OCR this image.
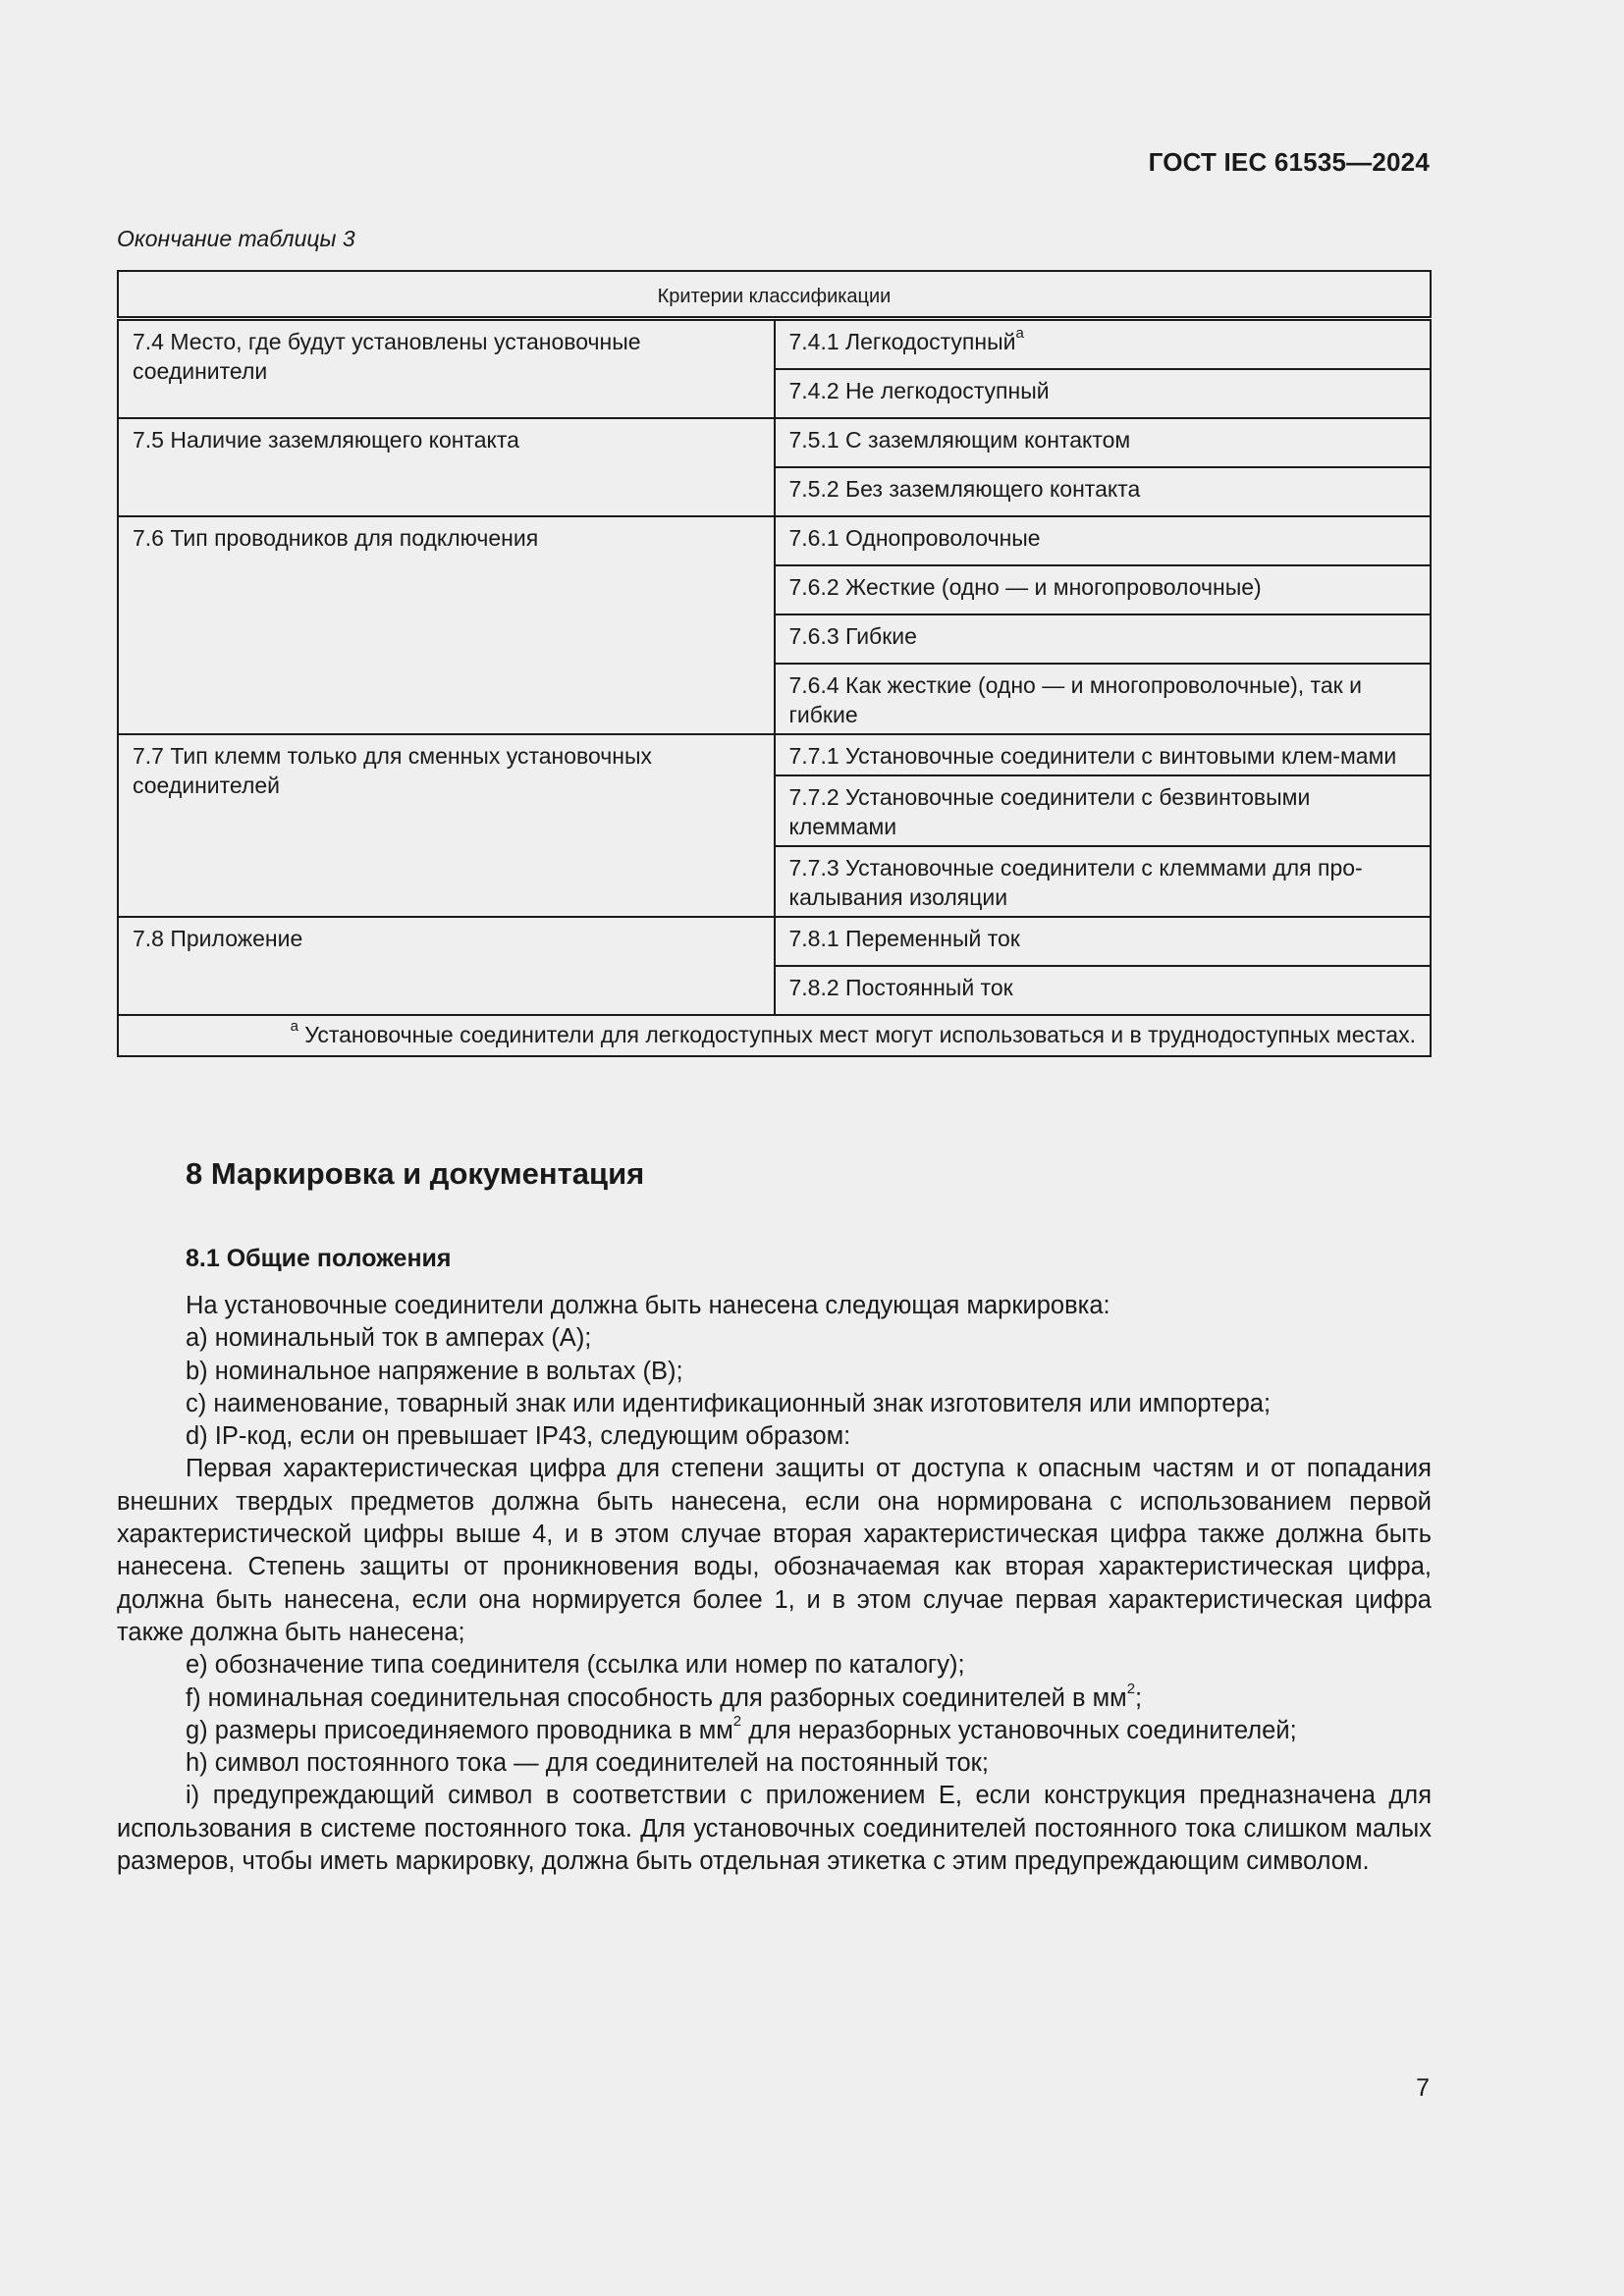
ГОСТ IEC 61535—2024
Окончание таблицы 3
Критерии классификации	
7.4 Место, где будут установлены установочные соединители	7.4.1 Легкодоступный$^а$
	7.4.2 Не легкодоступный
7.5 Наличие заземляющего контакта	7.5.1 С заземляющим контактом
	7.5.2 Без заземляющего контакта
7.6 Тип проводников для подключения	7.6.1 Однопроволочные
	7.6.2 Жесткие (одно — и многопроволочные)
	7.6.3 Гибкие
	7.6.4 Как жесткие (одно — и многопроволочные), так и гибкие
7.7 Тип клемм только для сменных установочных соединителей	7.7.1 Установочные соединители с винтовыми клем-мами
	7.7.2 Установочные соединители с безвинтовыми клеммами
	7.7.3 Установочные соединители с клеммами для про-калывания изоляции
7.8 Приложение	7.8.1 Переменный ток
	7.8.2 Постоянный ток
$^а$ Установочные соединители для легкодоступных мест могут использоваться и в труднодоступных местах.	
8 Маркировка и документация
8.1 Общие положения

На установочные соединители должна быть нанесена следующая маркировка:

a) номинальный ток в амперах (А);

b) номинальное напряжение в вольтах (В);

c) наименование, товарный знак или идентификационный знак изготовителя или импортера;

d) IP-код, если он превышает IP43, следующим образом:

Первая характеристическая цифра для степени защиты от доступа к опасным частям и от попадания внешних твердых предметов должна быть нанесена, если она нормирована с использованием первой характеристической цифры выше 4, и в этом случае вторая характеристическая цифра также должна быть нанесена. Степень защиты от проникновения воды, обозначаемая как вторая характеристическая цифра, должна быть нанесена, если она нормируется более 1, и в этом случае первая характеристическая цифра также должна быть нанесена;

e) обозначение типа соединителя (ссылка или номер по каталогу);

f) номинальная соединительная способность для разборных соединителей в $мм^2$;

g) размеры присоединяемого проводника в $мм^2$ для неразборных установочных соединителей;

h) символ постоянного тока — для соединителей на постоянный ток;

i) предупреждающий символ в соответствии с приложением Е, если конструкция предназначена для использования в системе постоянного тока. Для установочных соединителей постоянного тока слишком малых размеров, чтобы иметь маркировку, должна быть отдельная этикетка с этим предупреждающим символом.

7
